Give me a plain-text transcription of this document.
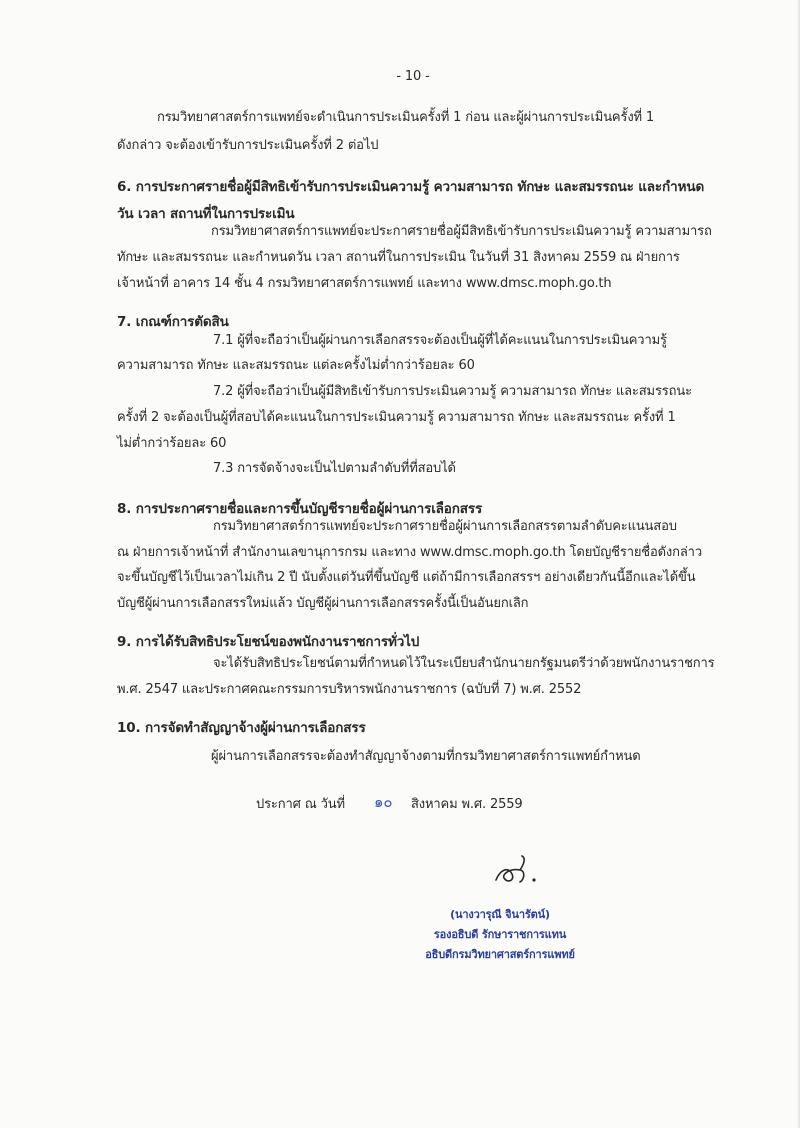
- 10 -
กรมวิทยาศาสตร์การแพทย์จะดำเนินการประเมินครั้งที่ 1 ก่อน และผู้ผ่านการประเมินครั้งที่ 1
ดังกล่าว จะต้องเข้ารับการประเมินครั้งที่ 2 ต่อไป
6. การประกาศรายชื่อผู้มีสิทธิเข้ารับการประเมินความรู้ ความสามารถ ทักษะ และสมรรถนะ และกำหนด
วัน เวลา สถานที่ในการประเมิน
กรมวิทยาศาสตร์การแพทย์จะประกาศรายชื่อผู้มีสิทธิเข้ารับการประเมินความรู้ ความสามารถ
ทักษะ และสมรรถนะ และกำหนดวัน เวลา สถานที่ในการประเมิน ในวันที่ 31 สิงหาคม 2559 ณ ฝ่ายการ
เจ้าหน้าที่ อาคาร 14 ชั้น 4 กรมวิทยาศาสตร์การแพทย์ และทาง www.dmsc.moph.go.th
7. เกณฑ์การตัดสิน
7.1 ผู้ที่จะถือว่าเป็นผู้ผ่านการเลือกสรรจะต้องเป็นผู้ที่ได้คะแนนในการประเมินความรู้
ความสามารถ ทักษะ และสมรรถนะ แต่ละครั้งไม่ต่ำกว่าร้อยละ 60
7.2 ผู้ที่จะถือว่าเป็นผู้มีสิทธิเข้ารับการประเมินความรู้ ความสามารถ ทักษะ และสมรรถนะ
ครั้งที่ 2 จะต้องเป็นผู้ที่สอบได้คะแนนในการประเมินความรู้ ความสามารถ ทักษะ และสมรรถนะ ครั้งที่ 1
ไม่ต่ำกว่าร้อยละ 60
7.3 การจัดจ้างจะเป็นไปตามลำดับที่ที่สอบได้
8. การประกาศรายชื่อและการขึ้นบัญชีรายชื่อผู้ผ่านการเลือกสรร
กรมวิทยาศาสตร์การแพทย์จะประกาศรายชื่อผู้ผ่านการเลือกสรรตามลำดับคะแนนสอบ
ณ ฝ่ายการเจ้าหน้าที่ สำนักงานเลขานุการกรม และทาง www.dmsc.moph.go.th โดยบัญชีรายชื่อดังกล่าว
จะขึ้นบัญชีไว้เป็นเวลาไม่เกิน 2 ปี นับตั้งแต่วันที่ขึ้นบัญชี แต่ถ้ามีการเลือกสรรฯ อย่างเดียวกันนี้อีกและได้ขึ้น
บัญชีผู้ผ่านการเลือกสรรใหม่แล้ว บัญชีผู้ผ่านการเลือกสรรครั้งนี้เป็นอันยกเลิก
9. การได้รับสิทธิประโยชน์ของพนักงานราชการทั่วไป
จะได้รับสิทธิประโยชน์ตามที่กำหนดไว้ในระเบียบสำนักนายกรัฐมนตรีว่าด้วยพนักงานราชการ
พ.ศ. 2547 และประกาศคณะกรรมการบริหารพนักงานราชการ (ฉบับที่ 7) พ.ศ. 2552
10. การจัดทำสัญญาจ้างผู้ผ่านการเลือกสรร
ผู้ผ่านการเลือกสรรจะต้องทำสัญญาจ้างตามที่กรมวิทยาศาสตร์การแพทย์กำหนด
ประกาศ ณ วันที่ ๑๐ สิงหาคม พ.ศ. 2559
(นางวารุณี จินารัตน์)
รองอธิบดี รักษาราชการแทน
อธิบดีกรมวิทยาศาสตร์การแพทย์
